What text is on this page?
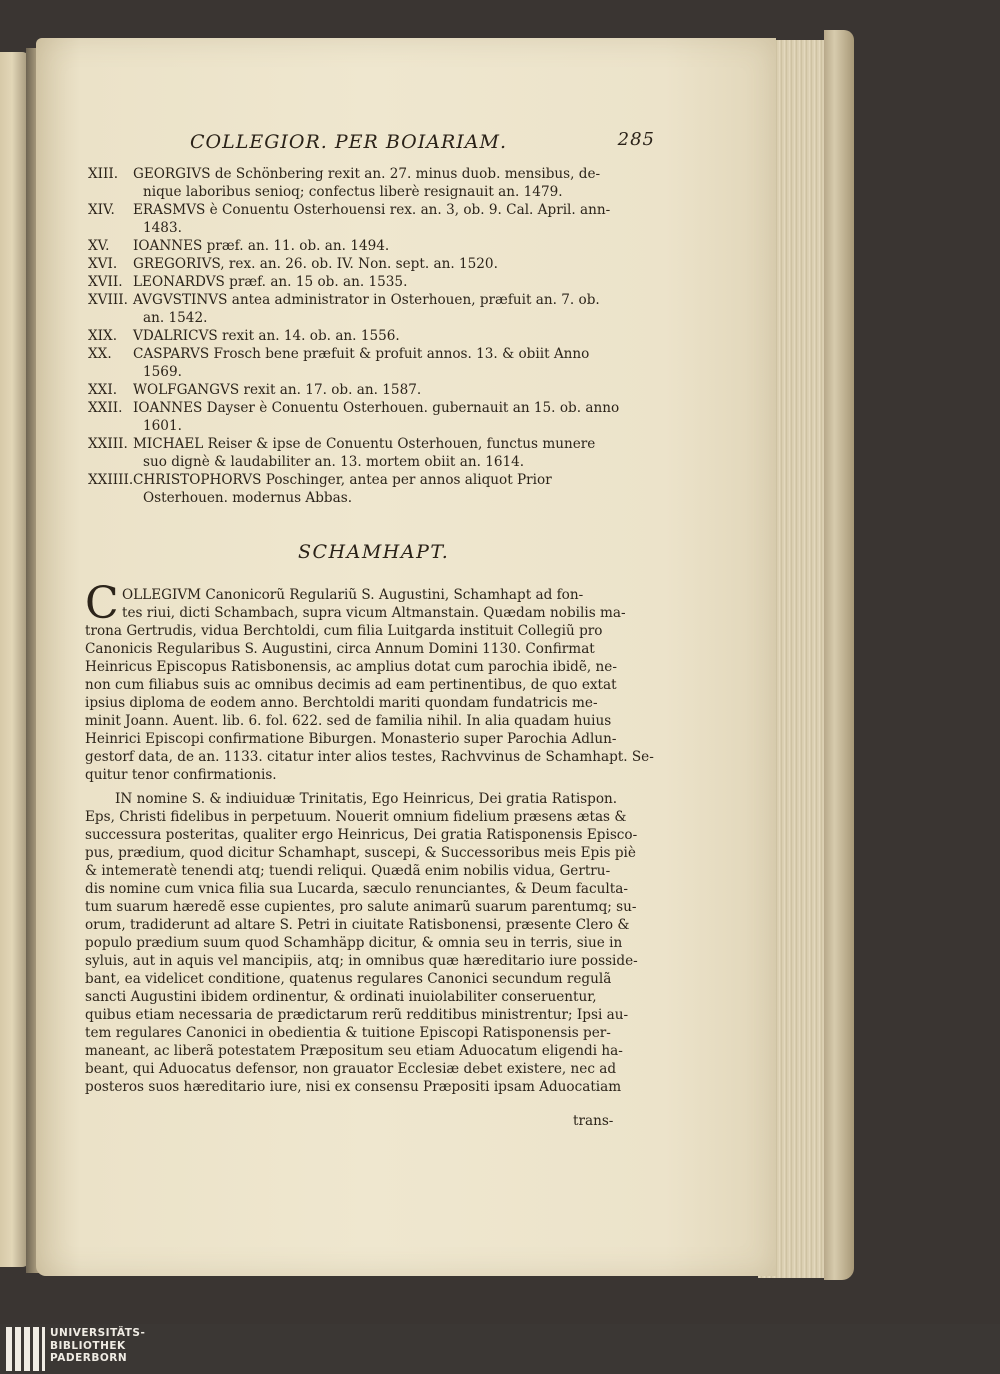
COLLEGIOR. PER BOIARIAM.	285
XIII. GEORGIVS de Schönbering rexit an. 27. minus duob. mensibus, de-
nique laboribus senioq; confectus liberè resignauit an. 1479.
XIV. ERASMVS è Conuentu Osterhouensi rex. an. 3, ob. 9. Cal. April. ann-
1483.
XV. IOANNES præf. an. 11. ob. an. 1494.
XVI. GREGORIVS, rex. an. 26. ob. IV. Non. sept. an. 1520.
XVII. LEONARDVS præf. an. 15 ob. an. 1535.
XVIII. AVGVSTINVS antea administrator in Osterhouen, præfuit an. 7. ob.
an. 1542.
XIX. VDALRICVS rexit an. 14. ob. an. 1556.
XX. CASPARVS Frosch bene præfuit & profuit annos. 13. & obiit Anno
1569.
XXI. WOLFGANGVS rexit an. 17. ob. an. 1587.
XXII. IOANNES Dayser è Conuentu Osterhouen. gubernauit an 15. ob. anno
1601.
XXIII. MICHAEL Reiser & ipse de Conuentu Osterhouen, functus munere
suo dignè & laudabiliter an. 13. mortem obiit an. 1614.
XXIIII. CHRISTOPHORVS Poschinger, antea per annos aliquot Prior
Osterhouen. modernus Abbas.
SCHAMHAPT.
C OLLEGIVM Canonicorũ Regulariũ S. Augustini, Schamhapt ad fon-
tes riui, dicti Schambach, supra vicum Altmanstain. Quædam nobilis ma-
trona Gertrudis, vidua Berchtoldi, cum filia Luitgarda instituit Collegiũ pro
Canonicis Regularibus S. Augustini, circa Annum Domini 1130. Confirmat
Heinricus Episcopus Ratisbonensis, ac amplius dotat cum parochia ibidẽ, ne-
non cum filiabus suis ac omnibus decimis ad eam pertinentibus, de quo extat
ipsius diploma de eodem anno. Berchtoldi mariti quondam fundatricis me-
minit Joann. Auent. lib. 6. fol. 622. sed de familia nihil. In alia quadam huius
Heinrici Episcopi confirmatione Biburgen. Monasterio super Parochia Adlun-
gestorf data, de an. 1133. citatur inter alios testes, Rachvvinus de Schamhapt. Se-
quitur tenor confirmationis.
IN nomine S. & indiuiduæ Trinitatis, Ego Heinricus, Dei gratia Ratispon.
Eps, Christi fidelibus in perpetuum. Nouerit omnium fidelium præsens ætas &
successura posteritas, qualiter ergo Heinricus, Dei gratia Ratisponensis Episco-
pus, prædium, quod dicitur Schamhapt, suscepi, & Successoribus meis Epis piè
& intemeratè tenendi atq; tuendi reliqui. Quædã enim nobilis vidua, Gertru-
dis nomine cum vnica filia sua Lucarda, sæculo renunciantes, & Deum faculta-
tum suarum hæredẽ esse cupientes, pro salute animarũ suarum parentumq; su-
orum, tradiderunt ad altare S. Petri in ciuitate Ratisbonensi, præsente Clero &
populo prædium suum quod Schamhäpp dicitur, & omnia seu in terris, siue in
syluis, aut in aquis vel mancipiis, atq; in omnibus quæ hæreditario iure posside-
bant, ea videlicet conditione, quatenus regulares Canonici secundum regulã
sancti Augustini ibidem ordinentur, & ordinati inuiolabiliter conseruentur,
quibus etiam necessaria de prædictarum rerũ redditibus ministrentur; Ipsi au-
tem regulares Canonici in obedientia & tuitione Episcopi Ratisponensis per-
maneant, ac liberã potestatem Præpositum seu etiam Aduocatum eligendi ha-
beant, qui Aduocatus defensor, non grauator Ecclesiæ debet existere, nec ad
posteros suos hæreditario iure, nisi ex consensu Præpositi ipsam Aduocatiam
trans-
UNIVERSITÄTS-
BIBLIOTHEK
PADERBORN
